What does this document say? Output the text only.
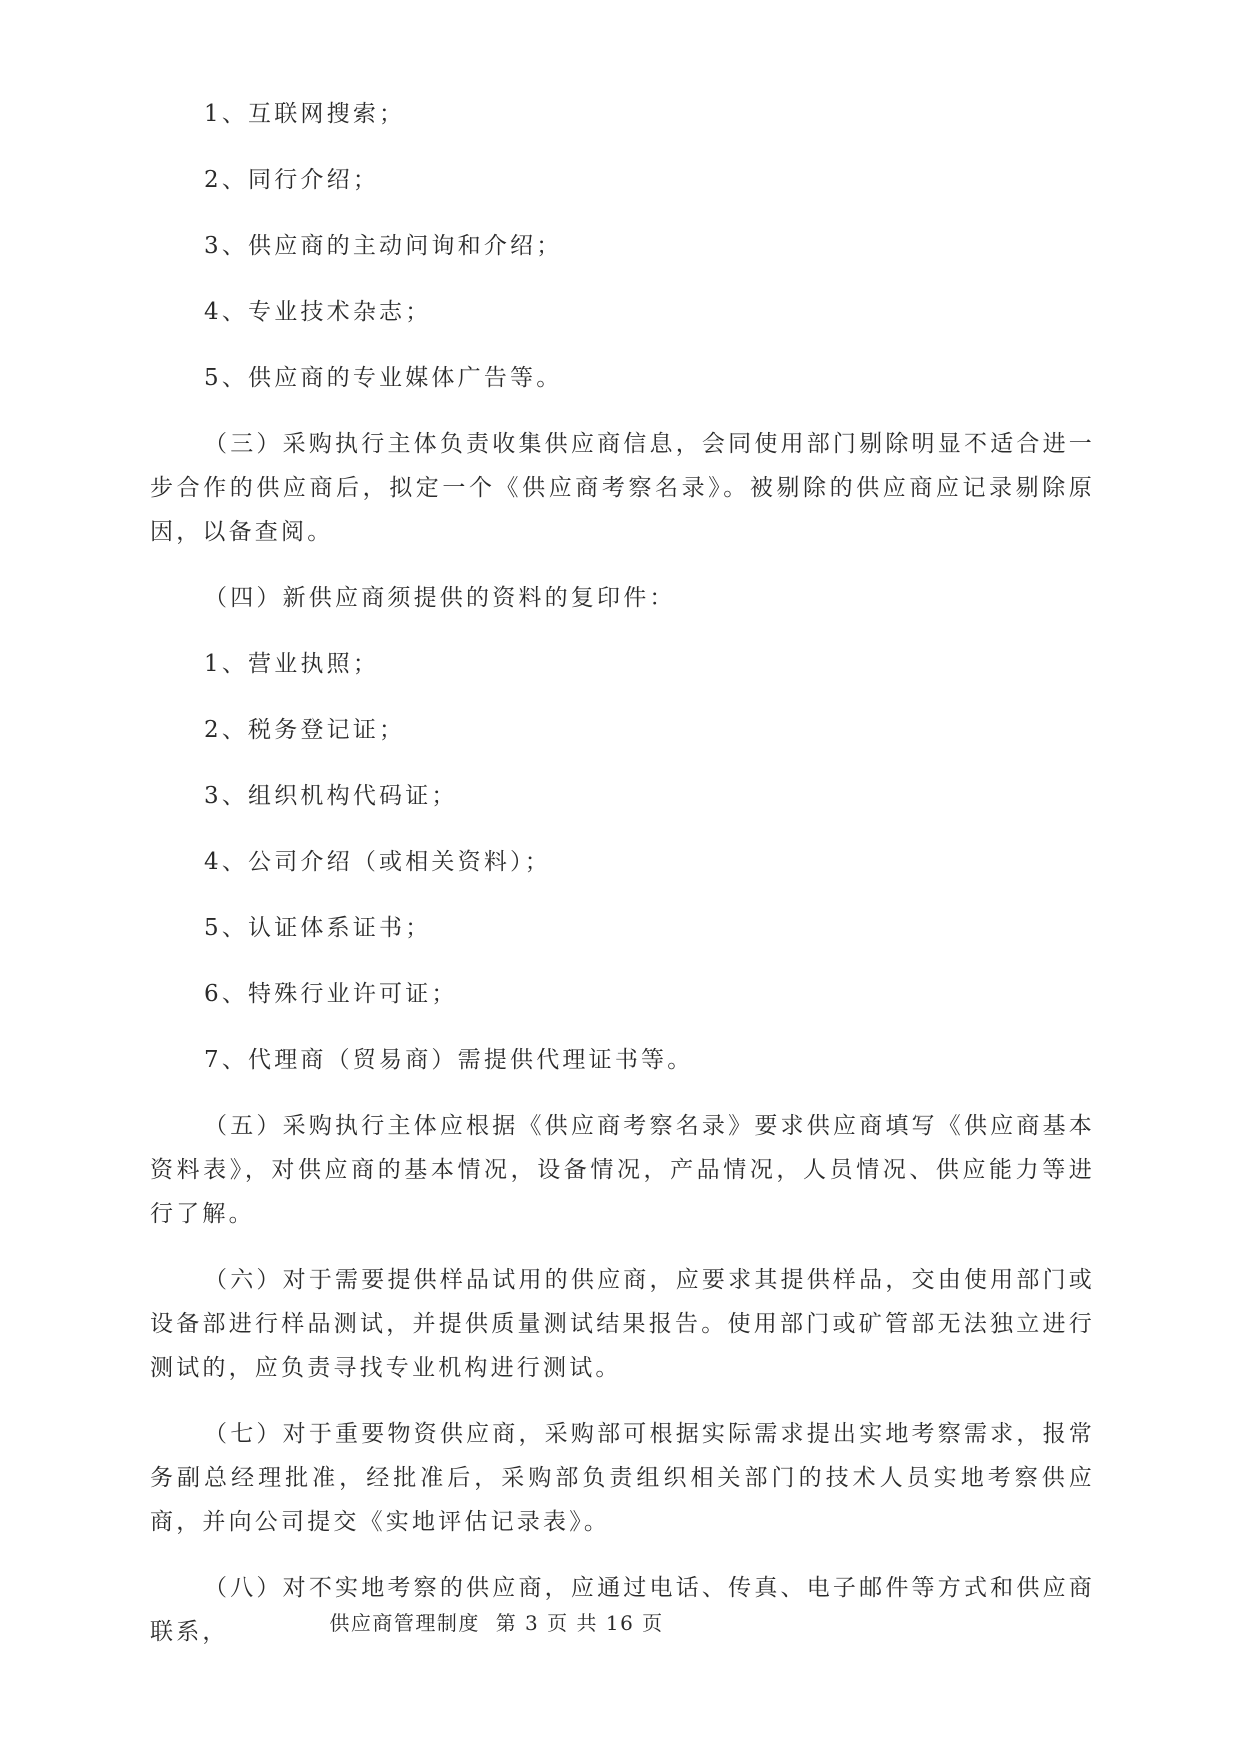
1、互联网搜索；

2、同行介绍；

3、供应商的主动问询和介绍；

4、专业技术杂志；

5、供应商的专业媒体广告等。

（三）采购执行主体负责收集供应商信息，会同使用部门剔除明显不适合进一步合作的供应商后，拟定一个《供应商考察名录》。被剔除的供应商应记录剔除原因，以备查阅。

（四）新供应商须提供的资料的复印件：

1、营业执照；

2、税务登记证；

3、组织机构代码证；

4、公司介绍（或相关资料）；

5、认证体系证书；

6、特殊行业许可证；

7、代理商（贸易商）需提供代理证书等。

（五）采购执行主体应根据《供应商考察名录》要求供应商填写《供应商基本资料表》，对供应商的基本情况，设备情况，产品情况，人员情况、供应能力等进行了解。

（六）对于需要提供样品试用的供应商，应要求其提供样品，交由使用部门或设备部进行样品测试，并提供质量测试结果报告。使用部门或矿管部无法独立进行测试的，应负责寻找专业机构进行测试。

（七）对于重要物资供应商，采购部可根据实际需求提出实地考察需求，报常务副总经理批准，经批准后，采购部负责组织相关部门的技术人员实地考察供应商，并向公司提交《实地评估记录表》。

（八）对不实地考察的供应商，应通过电话、传真、电子邮件等方式和供应商联系，	供应商管理制度 第 3 页 共 16 页
